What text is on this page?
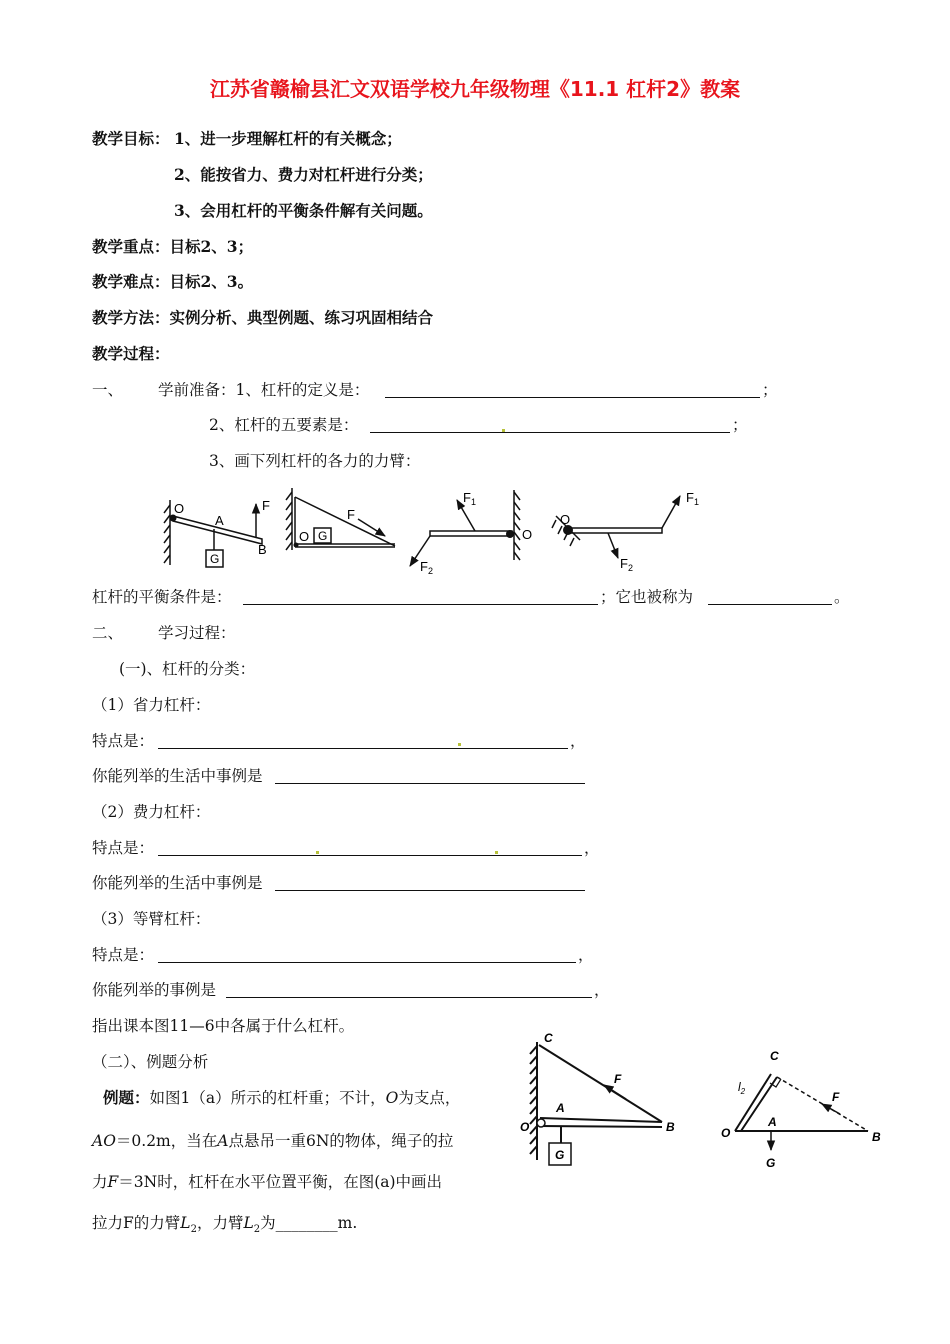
江苏省赣榆县汇文双语学校九年级物理《11.1 杠杆2》教案
教学目标： 1、进一步理解杠杆的有关概念；
2、能按省力、费力对杠杆进行分类；
3、会用杠杆的平衡条件解有关问题。
教学重点：目标2、3；
教学难点：目标2、3。
教学方法：实例分析、典型例题、练习巩固相结合
教学过程：
一、 学前准备：1、杠杆的定义是：	；
2、杠杆的五要素是：	；
3、画下列杠杆的各力的力臂：
O
A
F
B
G
O G
F
$F_1$
$F_2$
O
O
$F_1$
$F_2$
杠杆的平衡条件是：	；它也被称为	。
二、 学习过程：
(一)、杠杆的分类：
（1）省力杠杆：
特点是：	，
你能列举的生活中事例是
（2）费力杠杆：
特点是：	，
你能列举的生活中事例是
（3）等臂杠杆：
特点是：	，
你能列举的事例是	，
指出课本图11—6中各属于什么杠杆。
（二）、例题分析
例题：如图1（a）所示的杠杆重；不计，O为支点，
AO＝0.2m，当在A点悬吊一重6N的物体，绳子的拉
力F＝3N时，杠杆在水平位置平衡，在图(a)中画出
拉力F的力臂$L_2$，力臂$L_2$为________m.
C
F
A
O	B
G
C
$l_2$	F
O
A
B
G
